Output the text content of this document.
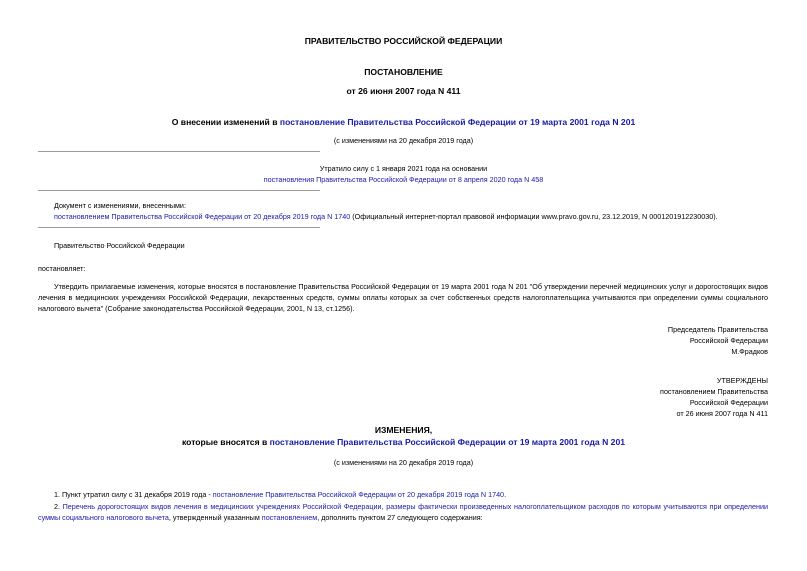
ПРАВИТЕЛЬСТВО РОССИЙСКОЙ ФЕДЕРАЦИИ
ПОСТАНОВЛЕНИЕ
от 26 июня 2007 года N 411
О внесении изменений в постановление Правительства Российской Федерации от 19 марта 2001 года N 201
(с изменениями на 20 декабря 2019 года)
Утратило силу с 1 января 2021 года на основании
постановления Правительства Российской Федерации от 8 апреля 2020 года N 458
Документ с изменениями, внесенными:
постановлением Правительства Российской Федерации от 20 декабря 2019 года N 1740 (Официальный интернет-портал правовой информации www.pravo.gov.ru, 23.12.2019, N 0001201912230030).
Правительство Российской Федерации
постановляет:
Утвердить прилагаемые изменения, которые вносятся в постановление Правительства Российской Федерации от 19 марта 2001 года N 201 "Об утверждении перечней медицинских услуг и дорогостоящих видов лечения в медицинских учреждениях Российской Федерации, лекарственных средств, суммы оплаты которых за счет собственных средств налогоплательщика учитываются при определении суммы социального налогового вычета" (Собрание законодательства Российской Федерации, 2001, N 13, ст.1256).
Председатель Правительства
Российской Федерации
М.Фрадков
УТВЕРЖДЕНЫ
постановлением Правительства
Российской Федерации
от 26 июня 2007 года N 411
ИЗМЕНЕНИЯ,
которые вносятся в постановление Правительства Российской Федерации от 19 марта 2001 года N 201
(с изменениями на 20 декабря 2019 года)
1. Пункт утратил силу с 31 декабря 2019 года - постановление Правительства Российской Федерации от 20 декабря 2019 года N 1740.
2. Перечень дорогостоящих видов лечения в медицинских учреждениях Российской Федерации, размеры фактически произведенных налогоплательщиком расходов по которым учитываются при определении суммы социального налогового вычета, утвержденный указанным постановлением, дополнить пунктом 27 следующего содержания:
